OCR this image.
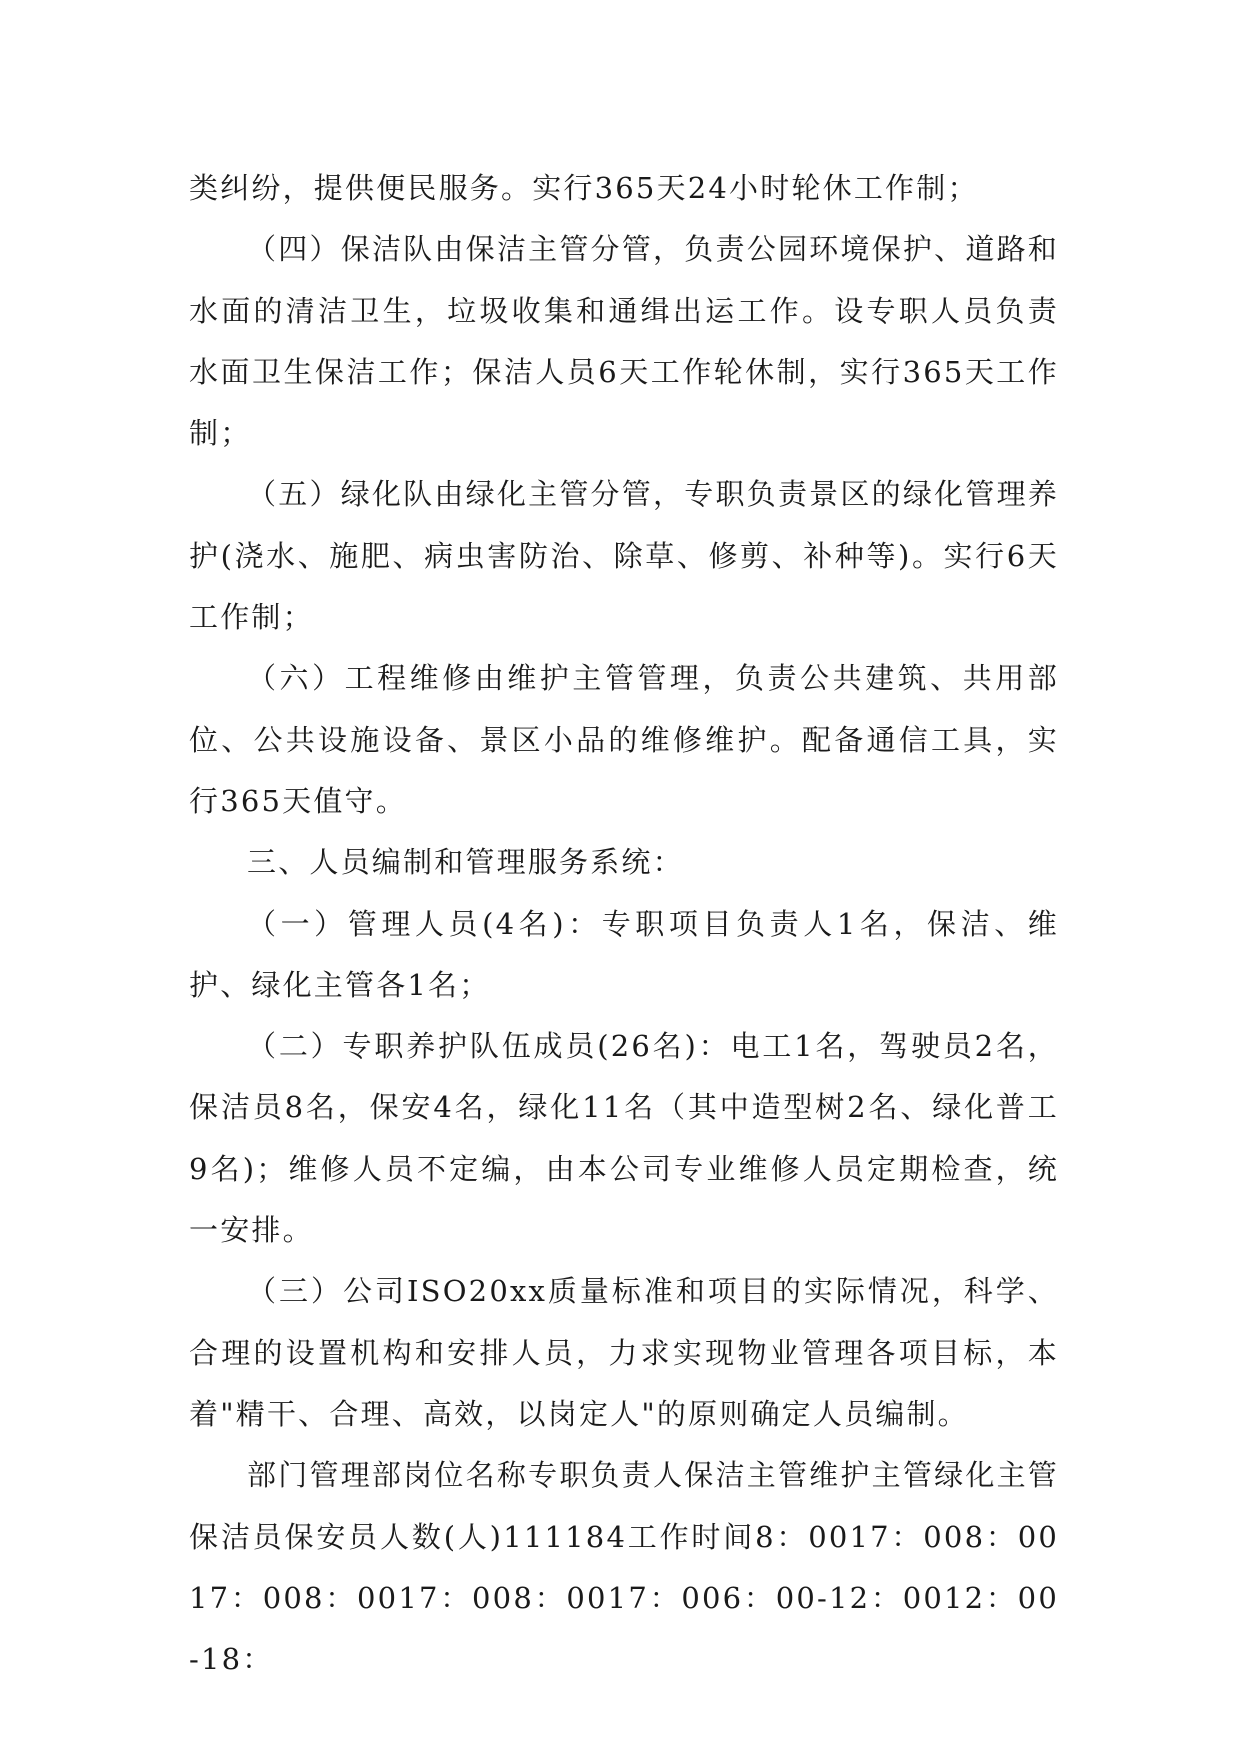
类纠纷，提供便民服务。实行365天24小时轮休工作制；

（四）保洁队由保洁主管分管，负责公园环境保护、道路和水面的清洁卫生，垃圾收集和通缉出运工作。设专职人员负责水面卫生保洁工作；保洁人员6天工作轮休制，实行365天工作制；

（五）绿化队由绿化主管分管，专职负责景区的绿化管理养护(浇水、施肥、病虫害防治、除草、修剪、补种等)。实行6天工作制；

（六）工程维修由维护主管管理，负责公共建筑、共用部位、公共设施设备、景区小品的维修维护。配备通信工具，实行365天值守。

三、人员编制和管理服务系统：

（一）管理人员(4名)：专职项目负责人1名，保洁、维护、绿化主管各1名；

（二）专职养护队伍成员(26名)：电工1名，驾驶员2名，保洁员8名，保安4名，绿化11名（其中造型树2名、绿化普工9名)；维修人员不定编，由本公司专业维修人员定期检查，统一安排。

（三）公司ISO20xx质量标准和项目的实际情况，科学、合理的设置机构和安排人员，力求实现物业管理各项目标，本着"精干、合理、高效，以岗定人"的原则确定人员编制。

部门管理部岗位名称专职负责人保洁主管维护主管绿化主管保洁员保安员人数(人)111184工作时间8：0017：008：0017：008：0017：008：0017：006：00-12：0012：00-18：
